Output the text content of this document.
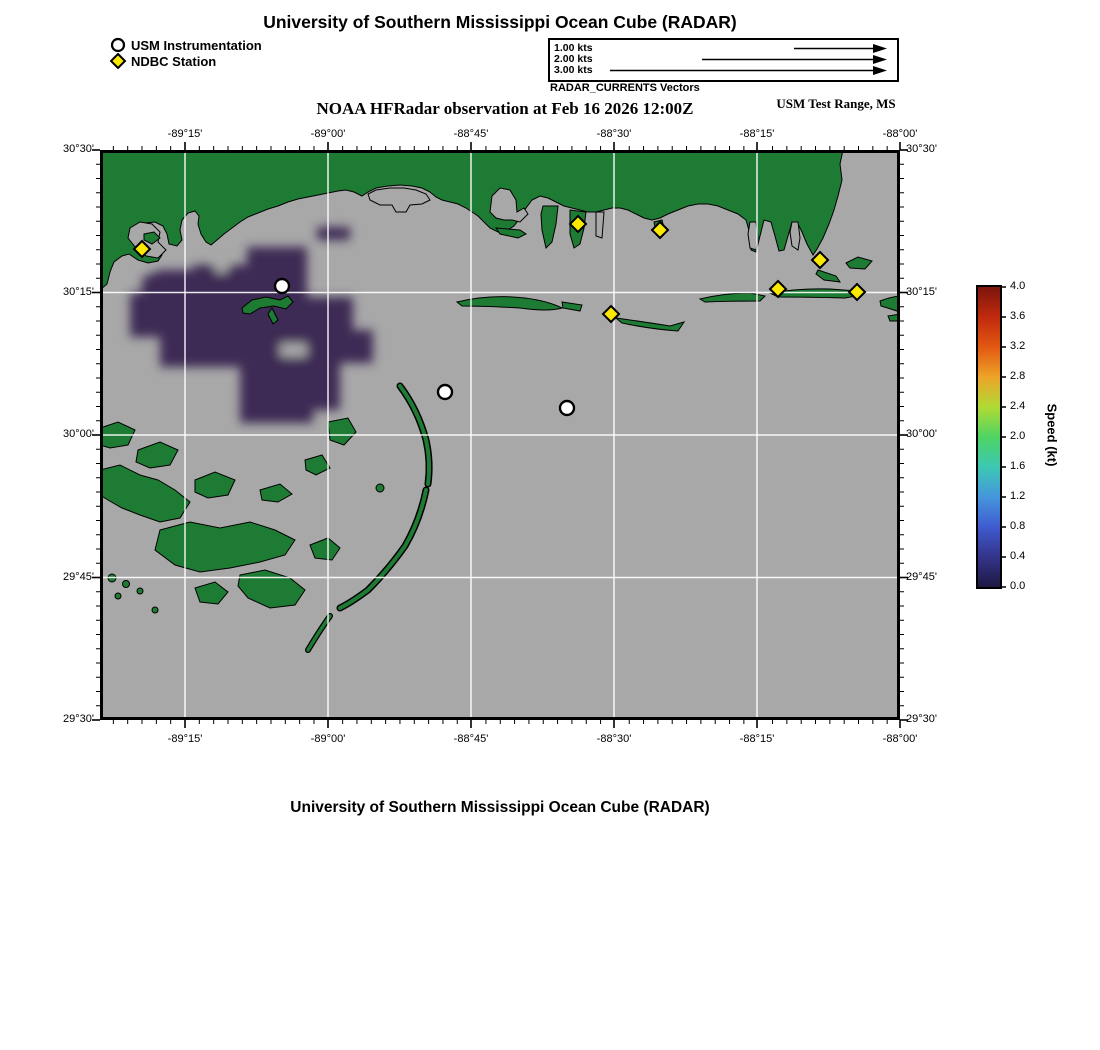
University of Southern Mississippi Ocean Cube (RADAR)
USM Instrumentation
NDBC Station
1.00 kts
2.00 kts
3.00 kts
RADAR_CURRENTS Vectors
NOAA HFRadar observation at Feb 16 2026 12:00Z	USM Test Range, MS
Speed (kt)
University of Southern Mississippi Ocean Cube (RADAR)
-89°15'
-89°15'
-89°00'
-89°00'
-88°45'
-88°45'
-88°30'
-88°30'
-88°15'
-88°15'
-88°00'
-88°00'
30°30'	30°30'
30°15'	30°15'
30°00'	30°00'
29°45'	29°45'
29°30'	29°30'
0.0
0.4
0.8
1.2
1.6
2.0
2.4
2.8
3.2
3.6
4.0
